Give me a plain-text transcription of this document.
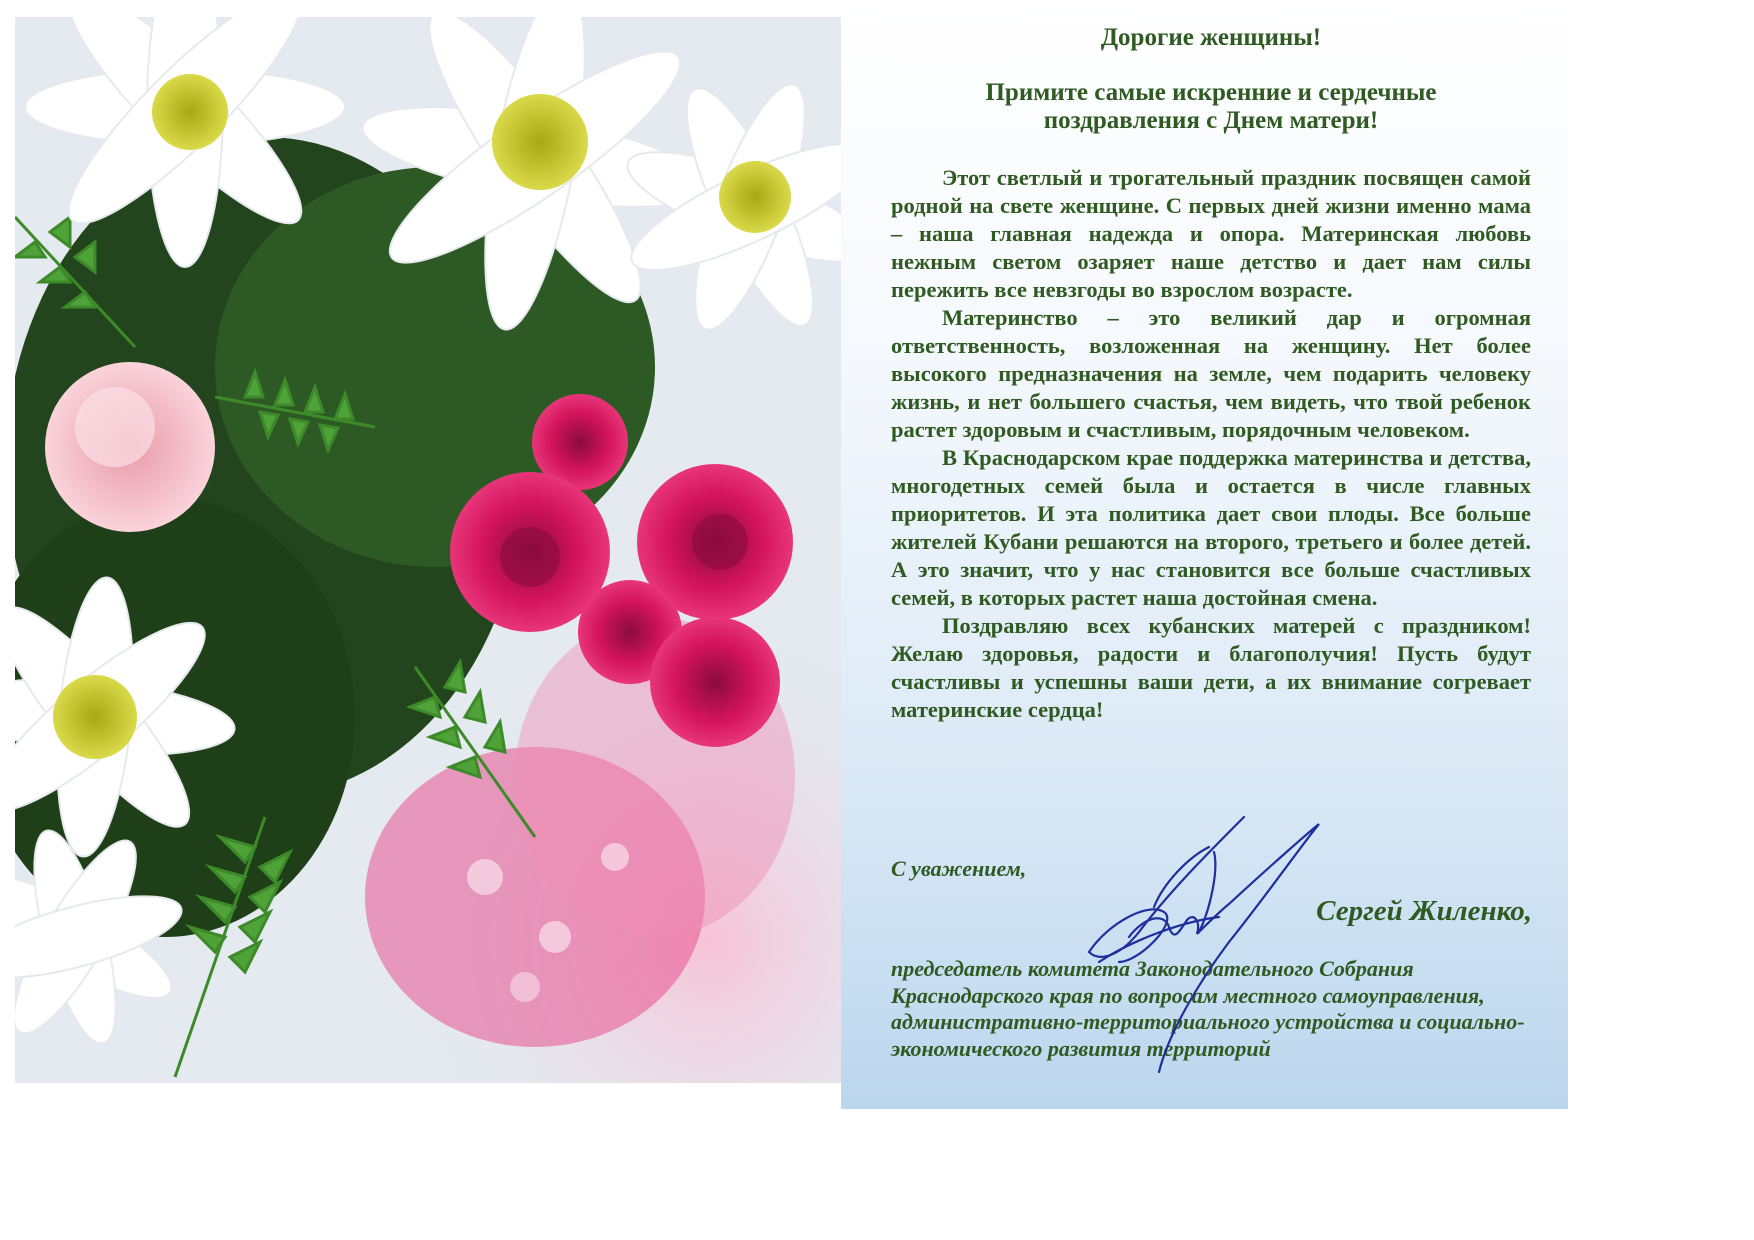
Дорогие женщины!

Примите самые искренние и сердечные
поздравления с Днем матери!

Этот светлый и трогательный праздник посвящен самой родной на свете женщине. С первых дней жизни именно мама – наша главная надежда и опора. Материнская любовь нежным светом озаряет наше детство и дает нам силы пережить все невзгоды во взрослом возрасте.

Материнство – это великий дар и огромная ответственность, возложенная на женщину. Нет более высокого предназначения на земле, чем подарить человеку жизнь, и нет большего счастья, чем видеть, что твой ребенок растет здоровым и счастливым, порядочным человеком.

В Краснодарском крае поддержка материнства и детства, многодетных семей была и остается в числе главных приоритетов. И эта политика дает свои плоды. Все больше жителей Кубани решаются на второго, третьего и более детей. А это значит, что у нас становится все больше счастливых семей, в которых растет наша достойная смена.

Поздравляю всех кубанских матерей с праздником! Желаю здоровья, радости и благополучия! Пусть будут счастливы и успешны ваши дети, а их внимание согревает материнские сердца!

С уважением,

Сергей Жиленко,

председатель комитета Законодательного Собрания Краснодарского края по вопросам местного самоуправления, административно-территориального устройства и социально-экономического развития территорий
